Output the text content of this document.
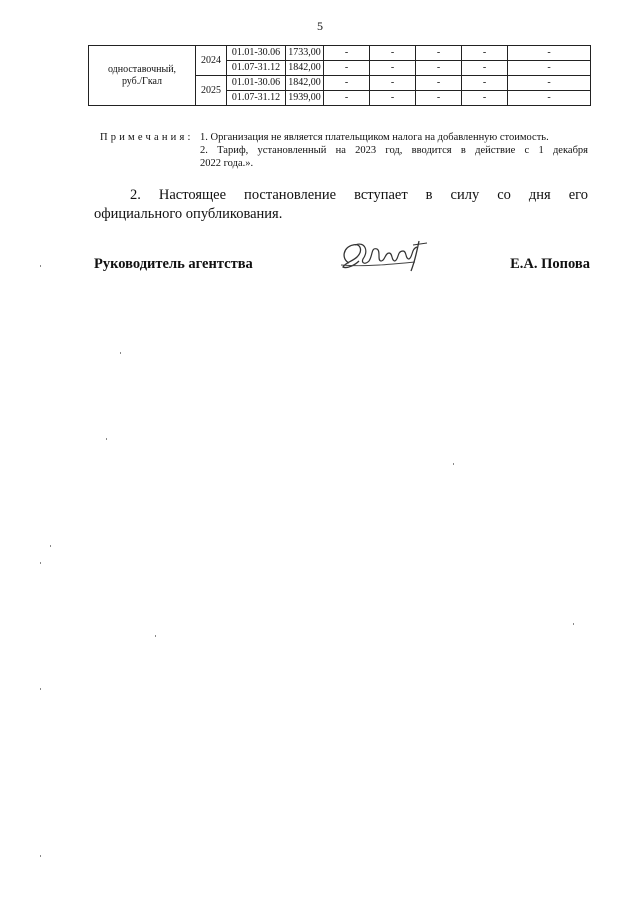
5
одноставочный,
руб./Гкал	2024	01.01-30.06	1733,00	-	-	-	-	-
		01.07-31.12	1842,00	-	-	-	-	-
	2025	01.01-30.06	1842,00	-	-	-	-	-
		01.07-31.12	1939,00	-	-	-	-	-
Примечания: 1. Организация не является плательщиком налога на добавленную стоимость.
2. Тариф, установленный на 2023 год, вводится в действие с 1 декабря
2022 года.».
2. Настоящее постановление вступает в силу со дня его
официального опубликования.
Руководитель агентства	Е.А. Попова
